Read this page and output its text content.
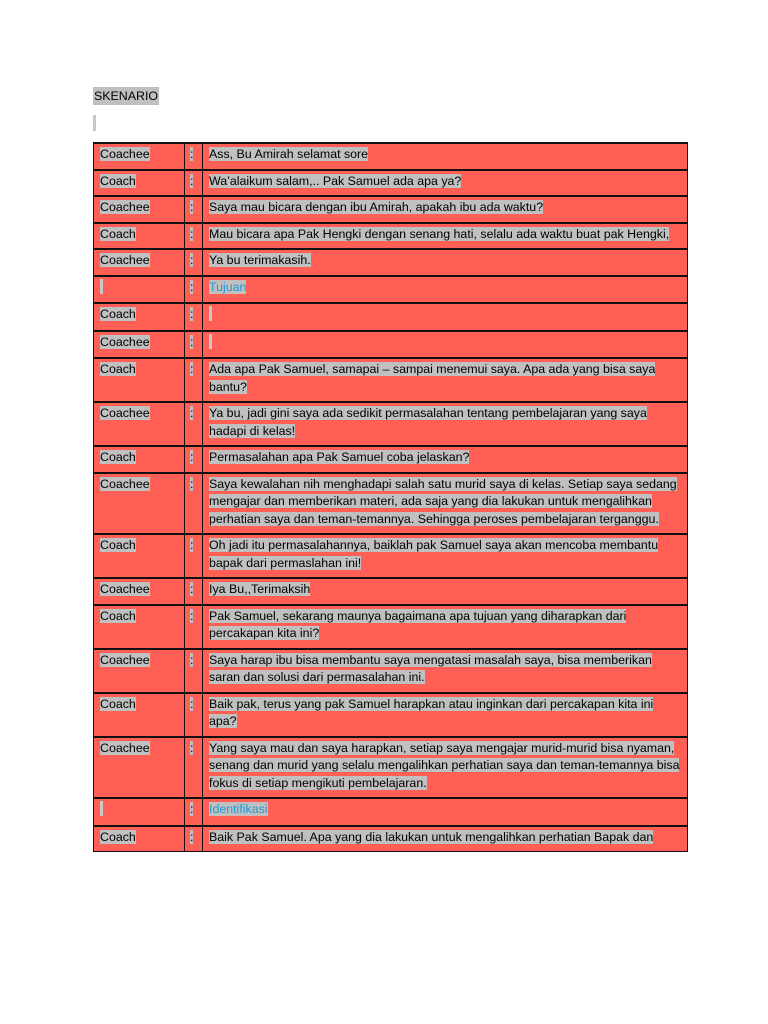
SKENARIO
Coachee	:	Ass, Bu Amirah selamat sore
Coach	:	Wa’alaikum salam,.. Pak Samuel ada apa ya?
Coachee	:	Saya mau bicara dengan ibu Amirah, apakah ibu ada waktu?
Coach	:	Mau bicara apa Pak Hengki dengan senang hati, selalu ada waktu buat pak Hengki,
Coachee	:	Ya bu terimakasih.
	:	Tujuan
Coach	:	
Coachee	:	
Coach	:	Ada apa Pak Samuel, samapai – sampai menemui saya. Apa ada yang bisa saya bantu?
Coachee	:	Ya bu, jadi gini saya ada sedikit permasalahan tentang pembelajaran yang saya hadapi di kelas!
Coach	:	Permasalahan apa Pak Samuel coba jelaskan?
Coachee	:	Saya kewalahan nih menghadapi salah satu murid saya di kelas. Setiap saya sedang mengajar dan memberikan materi, ada saja yang dia lakukan untuk mengalihkan perhatian saya dan teman-temannya. Sehingga peroses pembelajaran terganggu.
Coach	:	Oh jadi itu permasalahannya, baiklah pak Samuel saya akan mencoba membantu bapak dari permaslahan ini!
Coachee	:	Iya Bu,,Terimaksih
Coach	:	Pak Samuel, sekarang maunya bagaimana apa tujuan yang diharapkan dari percakapan kita ini?
Coachee	:	Saya harap ibu bisa membantu saya mengatasi masalah saya, bisa memberikan saran dan solusi dari permasalahan ini.
Coach	:	Baik pak, terus yang pak Samuel harapkan atau inginkan dari percakapan kita ini apa?
Coachee	:	Yang saya mau dan saya harapkan, setiap saya mengajar murid-murid bisa nyaman, senang dan murid yang selalu mengalihkan perhatian saya dan teman-temannya bisa fokus di setiap mengikuti pembelajaran.
	:	Identifikasi
Coach	:	Baik Pak Samuel. Apa yang dia lakukan untuk mengalihkan perhatian Bapak dan
